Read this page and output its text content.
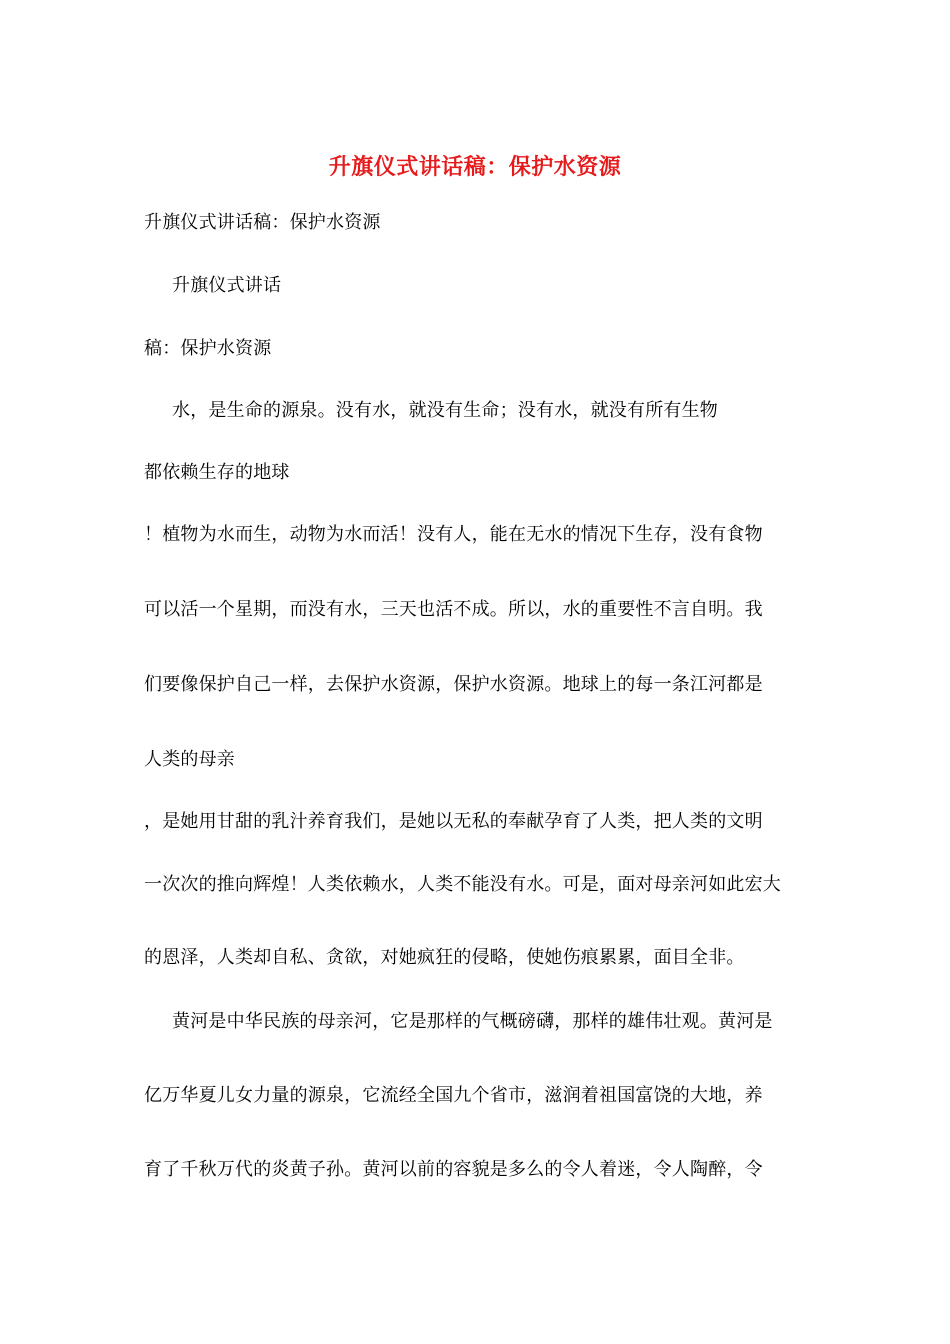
升旗仪式讲话稿：保护水资源
升旗仪式讲话稿：保护水资源
升旗仪式讲话
稿：保护水资源
水，是生命的源泉。没有水，就没有生命；没有水，就没有所有生物
都依赖生存的地球
！植物为水而生，动物为水而活！没有人，能在无水的情况下生存，没有食物
可以活一个星期，而没有水，三天也活不成。所以，水的重要性不言自明。我
们要像保护自己一样，去保护水资源，保护水资源。地球上的每一条江河都是
人类的母亲
，是她用甘甜的乳汁养育我们，是她以无私的奉献孕育了人类，把人类的文明
一次次的推向辉煌！人类依赖水，人类不能没有水。可是，面对母亲河如此宏大
的恩泽，人类却自私、贪欲，对她疯狂的侵略，使她伤痕累累，面目全非。
黄河是中华民族的母亲河，它是那样的气概磅礴，那样的雄伟壮观。黄河是
亿万华夏儿女力量的源泉，它流经全国九个省市，滋润着祖国富饶的大地，养
育了千秋万代的炎黄子孙。黄河以前的容貌是多么的令人着迷，令人陶醉，令
